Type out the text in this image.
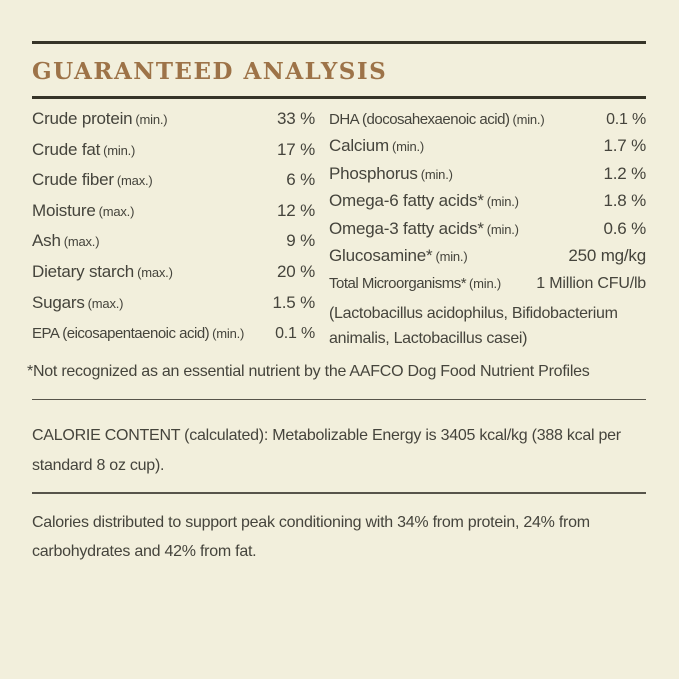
GUARANTEED ANALYSIS
Crude protein (min.)	33 %
Crude fat (min.)	17 %
Crude fiber (max.)	6 %
Moisture (max.)	12 %
Ash (max.)	9 %
Dietary starch (max.)	20 %
Sugars (max.)	1.5 %
EPA (eicosapentaenoic acid) (min.) 0.1 %
DHA (docosahexaenoic acid) (min.)	0.1 %
Calcium (min.)	1.7 %
Phosphorus (min.)	1.2 %
Omega-6 fatty acids* (min.)	1.8 %
Omega-3 fatty acids* (min.)	0.6 %
Glucosamine* (min.)	250 mg/kg
Total Microorganisms* (min.) 1 Million CFU/lb
(Lactobacillus acidophilus, Bifidobacterium
animalis, Lactobacillus casei)
*Not recognized as an essential nutrient by the AAFCO Dog Food Nutrient Profiles
CALORIE CONTENT (calculated): Metabolizable Energy is 3405 kcal/kg (388 kcal per
standard 8 oz cup).
Calories distributed to support peak conditioning with 34% from protein, 24% from
carbohydrates and 42% from fat.
